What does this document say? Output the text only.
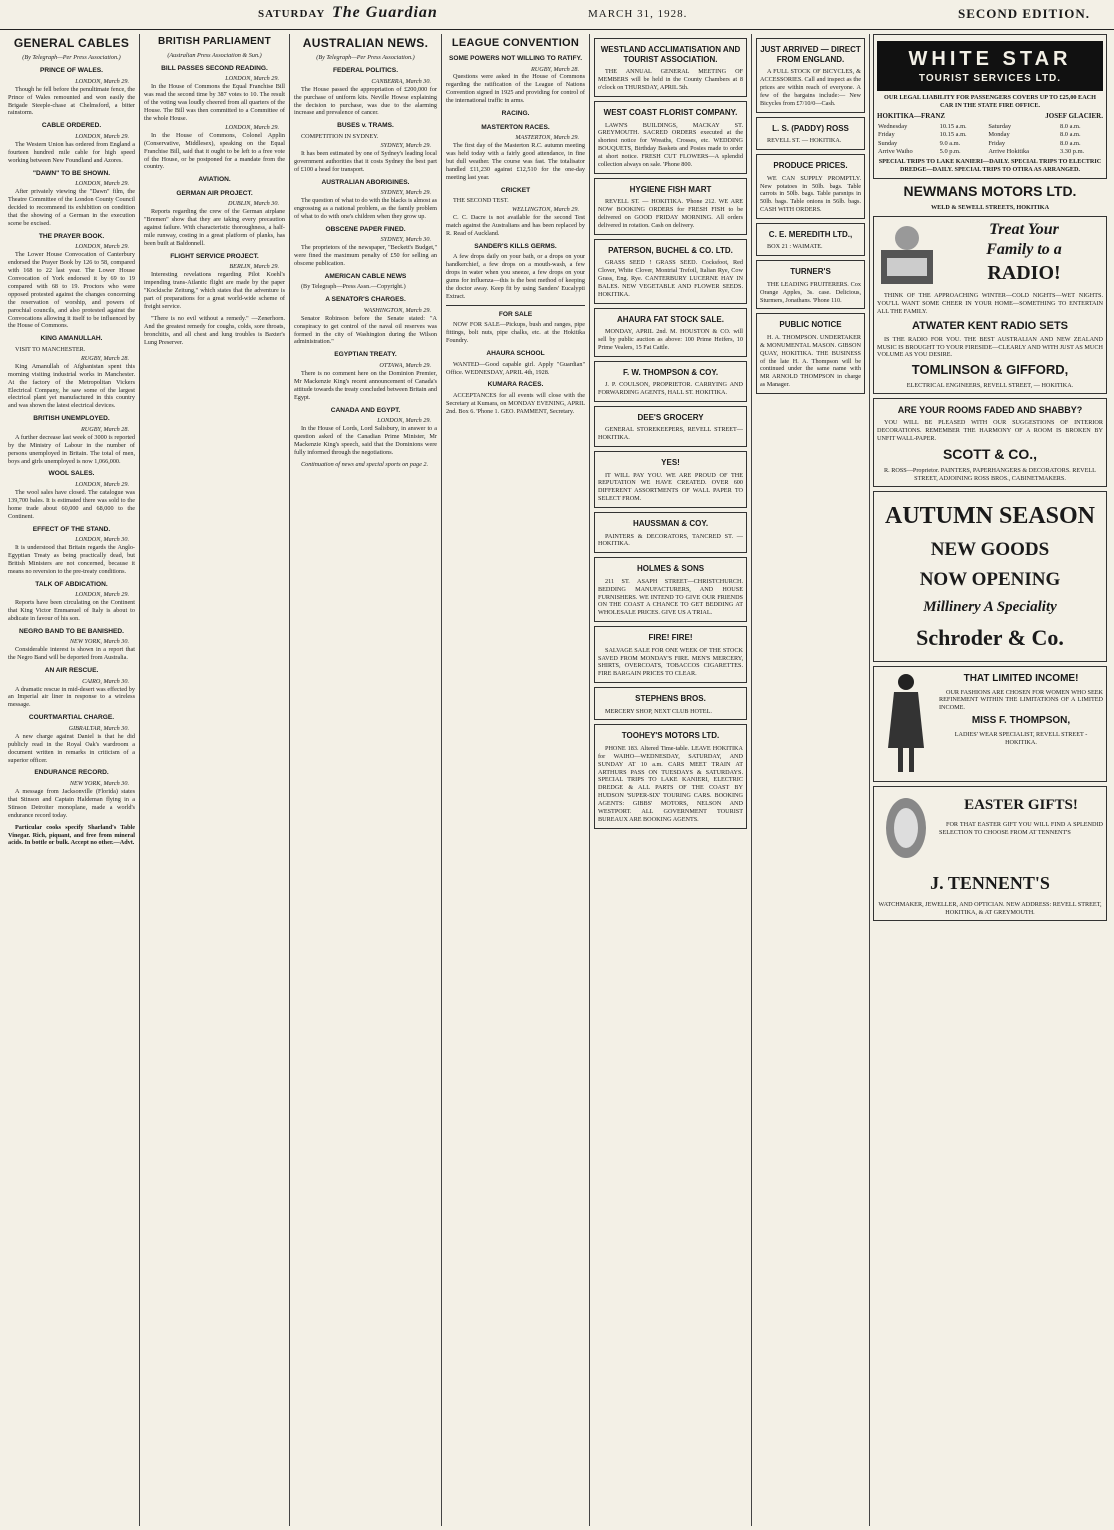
SATURDAY The Guardian	MARCH 31, 1928.	SECOND EDITION.
GENERAL CABLES
(By Telegraph—Per Press Association.)
PRINCE OF WALES.
LONDON, March 29.

Though he fell before the penultimate fence, the Prince of Wales remounted and won easily the Brigade Steeple-chase at Chelmsford, a bitter rainstorm.

CABLE ORDERED.
LONDON, March 29.

The Western Union has ordered from England a fourteen hundred mile cable for high speed working between New Foundland and Azores.

"DAWN" TO BE SHOWN.
LONDON, March 29.

After privately viewing the "Dawn" film, the Theatre Committee of the London County Council decided to recommend its exhibition on condition that the showing of a German in the execution scene be excised.

THE PRAYER BOOK.
LONDON, March 29.

The Lower House Convocation of Canterbury endorsed the Prayer Book by 126 to 58, compared with 168 to 22 last year. The Lower House Convocation of York endorsed it by 69 to 19 compared with 68 to 19. Proctors who were opposed protested against the changes concerning the reservation of worship, and powers of parochial councils, and also protested against the Convocations allowing it itself to be influenced by the House of Commons.

KING AMANULLAH.

VISIT TO MANCHESTER.

RUGBY, March 28.

King Amanullah of Afghanistan spent this morning visiting industrial works in Manchester. At the factory of the Metropolitan Vickers Electrical Company, he saw some of the largest electrical plant yet manufactured in this country and was shown the latest electrical devices.

BRITISH UNEMPLOYED.
RUGBY, March 28.

A further decrease last week of 3000 is reported by the Ministry of Labour in the number of persons unemployed in Britain. The total of men, boys and girls unemployed is now 1,066,000.

WOOL SALES.
LONDON, March 29.

The wool sales have closed. The catalogue was 139,700 bales. It is estimated there was sold to the home trade about 60,000 and 68,000 to the Continent.

EFFECT OF THE STAND.
LONDON, March 30.

It is understood that Britain regards the Anglo-Egyptian Treaty as being practically dead, but British Ministers are not concerned, because it means no reversion to the pre-treaty conditions.

TALK OF ABDICATION.
LONDON, March 29.

Reports have been circulating on the Continent that King Victor Emmanuel of Italy is about to abdicate in favour of his son.

NEGRO BAND TO BE BANISHED.
NEW YORK, March 30.

Considerable interest is shown in a report that the Negro Band will be deported from Australia.

AN AIR RESCUE.
CAIRO, March 30.

A dramatic rescue in mid-desert was effected by an Imperial air liner in response to a wireless message.

COURTMARTIAL CHARGE.
GIBRALTAR, March 30.

A new charge against Daniel is that he did publicly read in the Royal Oak's wardroom a document written in remarks in criticism of a superior officer.

ENDURANCE RECORD.
NEW YORK, March 30.

A message from Jacksonville (Florida) states that Stinson and Captain Haldeman flying in a Stinson Detroiter monoplane, made a world's endurance record today.

Particular cooks specify Sharland's Table Vinegar. Rich, piquant, and free from mineral acids. In bottle or bulk. Accept no other.—Advt.

BRITISH PARLIAMENT
(Australian Press Association & Sun.)
BILL PASSES SECOND READING.
LONDON, March 29.

In the House of Commons the Equal Franchise Bill was read the second time by 387 votes to 10. The result of the voting was loudly cheered from all quarters of the House. The Bill was then committed to a Committee of the whole House.

LONDON, March 29.

In the House of Commons, Colonel Applin (Conservative, Middlesex), speaking on the Equal Franchise Bill, said that it ought to be left to a free vote of the House, or be postponed for a mandate from the country.

AVIATION.
GERMAN AIR PROJECT.
DUBLIN, March 30.

Reports regarding the crew of the German airplane "Bremen" show that they are taking every precaution against failure. With characteristic thoroughness, a half-mile runway, costing in a great platform of planks, has been built at Baldonnell.

FLIGHT SERVICE PROJECT.
BERLIN, March 29.

Interesting revelations regarding Pilot Koehl's impending trans-Atlantic flight are made by the paper "Kockische Zeitung," which states that the adventure is part of preparations for a great world-wide scheme of freight service.

"There is no evil without a remedy." —Zenerhorn. And the greatest remedy for coughs, colds, sore throats, bronchitis, and all chest and lung troubles is Baxter's Lung Preserver.

AUSTRALIAN NEWS.
(By Telegraph—Per Press Association.)
FEDERAL POLITICS.
CANBERRA, March 30.

The House passed the appropriation of £200,000 for the purchase of uniform kits. Neville Howse explaining the decision to purchase, was due to the alarming increase and prevalence of cancer.

BUSES v. TRAMS.

COMPETITION IN SYDNEY.

SYDNEY, March 29.

It has been estimated by one of Sydney's leading local government authorities that it costs Sydney the best part of £100 a head for transport.

AUSTRALIAN ABORIGINES.
SYDNEY, March 29.

The question of what to do with the blacks is almost as engrossing as a national problem, as the family problem of what to do with one's children when they grow up.

OBSCENE PAPER FINED.
SYDNEY, March 30.

The proprietors of the newspaper, "Beckett's Budget," were fined the maximum penalty of £50 for selling an obscene publication.

AMERICAN CABLE NEWS

(By Telegraph—Press Assn.—Copyright.)

A SENATOR'S CHARGES.
WASHINGTON, March 29.

Senator Robinson before the Senate stated: "A conspiracy to get control of the naval oil reserves was formed in the city of Washington during the Wilson administration."

EGYPTIAN TREATY.
OTTAWA, March 29.

There is no comment here on the Dominion Premier, Mr Mackenzie King's recent announcement of Canada's attitude towards the treaty concluded between Britain and Egypt.

CANADA AND EGYPT.
LONDON, March 29.

In the House of Lords, Lord Salisbury, in answer to a question asked of the Canadian Prime Minister, Mr Mackenzie King's speech, said that the Dominions were fully informed through the negotiations.

Continuation of news and special sports on page 2.

LEAGUE CONVENTION
SOME POWERS NOT WILLING TO RATIFY.
RUGBY, March 28.

Questions were asked in the House of Commons regarding the ratification of the League of Nations Convention signed in 1925 and providing for control of the international traffic in arms.

RACING.
MASTERTON RACES.
MASTERTON, March 29.

The first day of the Masterton R.C. autumn meeting was held today with a fairly good attendance, in fine but dull weather. The course was fast. The totalisator handled £11,230 against £12,510 for the one-day meeting last year.

CRICKET

THE SECOND TEST.

WELLINGTON, March 29.

C. C. Dacre is not available for the second Test match against the Australians and has been replaced by R. Read of Auckland.

SANDER'S KILLS GERMS.

A few drops daily on your bath, or a drops on your handkerchief, a few drops on a mouth-wash, a few drops in water when you sneeze, a few drops on your gums for influenza—this is the best method of keeping the doctor away. Keep fit by using Sanders' Eucalypti Extract.

FOR SALE

NOW FOR SALE—Pickups, bush and ranges, pipe fittings, bolt nuts, pipe chalks, etc. at the Hokitika Foundry.

AHAURA SCHOOL

WANTED—Good capable girl. Apply "Guardian" Office. WEDNESDAY, APRIL 4th, 1928.

KUMARA RACES.

ACCEPTANCES for all events will close with the Secretary at Kumara, on MONDAY EVENING, APRIL 2nd. Box 6. 'Phone 1. GEO. PAMMENT, Secretary.

WESTLAND ACCLIMATISATION AND TOURIST ASSOCIATION.

THE ANNUAL GENERAL MEETING OF MEMBERS will be held in the County Chambers at 8 o'clock on THURSDAY, APRIL 5th.

WEST COAST FLORIST COMPANY.

LAWN'S BUILDINGS, MACKAY ST. GREYMOUTH. SACRED ORDERS executed at the shortest notice for Wreaths, Crosses, etc. WEDDING BOUQUETS, Birthday Baskets and Posies made to order at short notice. FRESH CUT FLOWERS—A splendid collection always on sale. 'Phone 800.

HYGIENE FISH MART

REVELL ST. — HOKITIKA. 'Phone 212. WE ARE NOW BOOKING ORDERS for FRESH FISH to be delivered on GOOD FRIDAY MORNING. All orders delivered in rotation. Cash on delivery.

PATERSON, BUCHEL & CO. LTD.

GRASS SEED ! GRASS SEED. Cocksfoot, Red Clover, White Clover, Montrial Trefoil, Italian Rye, Cow Grass, Eng. Rye. CANTERBURY LUCERNE HAY IN BALES. NEW VEGETABLE AND FLOWER SEEDS. HOKITIKA.

AHAURA FAT STOCK SALE.

MONDAY, APRIL 2nd. M. HOUSTON & CO. will sell by public auction as above: 100 Prime Heifers, 10 Prime Vealers, 15 Fat Cattle.

F. W. THOMPSON & COY.

J. P. COULSON, PROPRIETOR. CARRYING AND FORWARDING AGENTS, HALL ST. HOKITIKA.

DEE'S GROCERY

GENERAL STOREKEEPERS, REVELL STREET—HOKITIKA.

YES!

IT WILL PAY YOU. WE ARE PROUD OF THE REPUTATION WE HAVE CREATED. OVER 600 DIFFERENT ASSORTMENTS OF WALL PAPER TO SELECT FROM.

HAUSSMAN & COY.

PAINTERS & DECORATORS, TANCRED ST. — HOKITIKA.

HOLMES & SONS

211 ST. ASAPH STREET—CHRISTCHURCH. BEDDING MANUFACTURERS, AND HOUSE FURNISHERS. WE INTEND TO GIVE OUR FRIENDS ON THE COAST A CHANCE TO GET BEDDING AT WHOLESALE PRICES. GIVE US A TRIAL.

FIRE! FIRE!

SALVAGE SALE FOR ONE WEEK OF THE STOCK SAVED FROM MONDAY'S FIRE. MEN'S MERCERY, SHIRTS, OVERCOATS, TOBACCOS CIGARETTES. FIRE BARGAIN PRICES TO CLEAR.

STEPHENS BROS.

MERCERY SHOP, NEXT CLUB HOTEL.

TOOHEY'S MOTORS LTD.

PHONE 183. Altered Time-table. LEAVE HOKITIKA for WAIHO—WEDNESDAY, SATURDAY, AND SUNDAY AT 10 a.m. CARS MEET TRAIN AT ARTHURS PASS ON TUESDAYS & SATURDAYS. SPECIAL TRIPS TO LAKE KANIERI, ELECTRIC DREDGE & ALL PARTS OF THE COAST BY HUDSON 'SUPER-SIX' TOURING CARS. BOOKING AGENTS: GIBBS' MOTORS, NELSON AND WESTPORT. ALL GOVERNMENT TOURIST BUREAUX ARE BOOKING AGENTS.

JUST ARRIVED — DIRECT FROM ENGLAND.

A FULL STOCK OF BICYCLES, & ACCESSORIES. Call and inspect as the prices are within reach of everyone. A few of the bargains include:— New Bicycles from £7/10/0—Cash.

L. S. (PADDY) ROSS

REVELL ST. — HOKITIKA.

PRODUCE PRICES.

WE CAN SUPPLY PROMPTLY. New potatoes in 50lb. bags. Table carrots in 50lb. bags. Table parsnips in 50lb. bags. Table onions in 56lb. bags. CASH WITH ORDERS.

C. E. MEREDITH LTD.,

BOX 21 : WAIMATE.

TURNER'S

THE LEADING FRUITERERS. Cox Orange Apples, 3s. case. Delicious, Sturmers, Jonathans. 'Phone 110.

PUBLIC NOTICE

H. A. THOMPSON. UNDERTAKER & MONUMENTAL MASON. GIBSON QUAY, HOKITIKA. THE BUSINESS of the late H. A. Thompson will be continued under the same name with MR ARNOLD THOMPSON in charge as Manager.

WHITE STAR
TOURIST SERVICES LTD.

OUR LEGAL LIABILITY FOR PASSENGERS COVERS UP TO £25,00 EACH CAR IN THE STATE FIRE OFFICE.

HOKITIKA—FRANZ	JOSEF GLACIER.
Wednesday	10.15 a.m.	Saturday	8.0 a.m.
Friday	10.15 a.m.	Monday	8.0 a.m.
Sunday	9.0 a.m.	Friday	8.0 a.m.
Arrive Waiho	5.0 p.m.	Arrive Hokitika	3.30 p.m.

SPECIAL TRIPS TO LAKE KANIERI—DAILY. SPECIAL TRIPS TO ELECTRIC DREDGE—DAILY. SPECIAL TRIPS TO OTIRA AS ARRANGED.

NEWMANS MOTORS LTD.
WELD & SEWELL STREETS, HOKITIKA
Treat Your
Family to a
RADIO!

THINK OF THE APPROACHING WINTER—COLD NIGHTS—WET NIGHTS. YOU'LL WANT SOME CHEER IN YOUR HOME—SOMETHING TO ENTERTAIN ALL THE FAMILY.

ATWATER KENT RADIO SETS

IS THE RADIO FOR YOU. THE BEST AUSTRALIAN AND NEW ZEALAND MUSIC IS BROUGHT TO YOUR FIRESIDE—CLEARLY AND WITH JUST AS MUCH VOLUME AS YOU DESIRE.

TOMLINSON & GIFFORD,
ELECTRICAL ENGINEERS, REVELL STREET, — HOKITIKA.
ARE YOUR ROOMS FADED AND SHABBY?

YOU WILL BE PLEASED WITH OUR SUGGESTIONS OF INTERIOR DECORATIONS. REMEMBER THE HARMONY OF A ROOM IS BROKEN BY UNFIT WALL-PAPER.

SCOTT & CO.,
R. ROSS—Proprietor. PAINTERS, PAPERHANGERS & DECORATORS. REVELL STREET, ADJOINING ROSS BROS., CABINETMAKERS.
AUTUMN SEASON
NEW GOODS
NOW OPENING
Millinery A Speciality
Schroder & Co.
THAT LIMITED INCOME!

OUR FASHIONS ARE CHOSEN FOR WOMEN WHO SEEK REFINEMENT WITHIN THE LIMITATIONS OF A LIMITED INCOME.

MISS F. THOMPSON,
LADIES' WEAR SPECIALIST, REVELL STREET - HOKITIKA.
EASTER GIFTS!

FOR THAT EASTER GIFT YOU WILL FIND A SPLENDID SELECTION TO CHOOSE FROM AT TENNENT'S

J. TENNENT'S
WATCHMAKER, JEWELLER, AND OPTICIAN. NEW ADDRESS: REVELL STREET, HOKITIKA, & AT GREYMOUTH.
